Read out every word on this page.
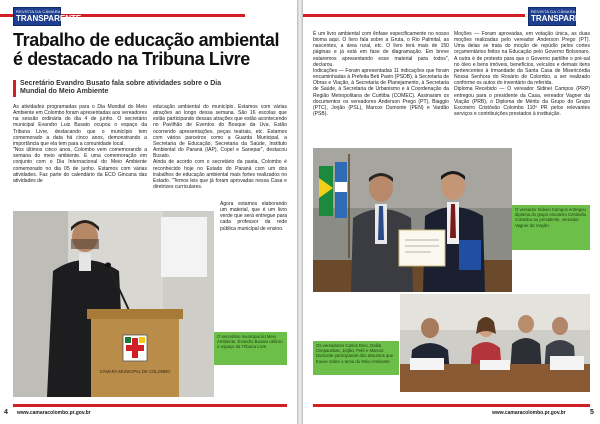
REVISTA DA CÂMARA
TRANSPARENTE
Trabalho de educação ambiental é destacado na Tribuna Livre
Secretário Evandro Busato fala sobre atividades sobre o Dia Mundial do Meio Ambiente

As atividades programadas para o Dia Mundial do Meio Ambiente em Colombo foram apresentadas aos vereadores na sessão ordinária do dia 4 de junho. O secretário municipal Evandro Luiz Busato ocupou o espaço da Tribuna Livre, destacando que o município tem comemorado a data há cinco anos, demonstrando a importância que ela tem para a comunidade local.

"Nos últimos cinco anos, Colombo vem comemorando a semana do meio ambiente. E uma comemoração em conjunto com o Dia Internacional do Meio Ambiente comemorado no dia 05 de junho. Estamos com várias atividades. Faz parte do calendário da ECO Gincana das atividades de

educação ambiental do município. Estamos com várias atrações ao longo dessa semana. São 16 escolas que estão participando dessas atrações que estão acontecendo no Pavilhão de Eventos do Bosque da Uva. Estão ocorrendo apresentações, peças teatrais, etc. Estamos com vários parceiros como a Guarda Municipal, a Secretaria de Educação, Secretaria da Saúde, Instituto Ambiental do Paraná (IAP), Copel e Sanepar", destacou Busato.

Ainda de acordo com o secretário da pasta, Colombo é reconhecido hoje no Estado do Paraná com um dos trabalhos de educação ambiental mais fortes realizados no Estado. "Temos leis que já foram aprovadas nessa Casa e diretrizes curriculares.

Agora estamos elaborando um material, que é um livro verde que será entregue para cada professor da rede pública municipal de ensino.

CÂMARA MUNICIPAL DE COLOMBO
O secretário municipal do Meio Ambiente, Evandro Busato utilizou o espaço da Tribuna Livre
4 www.camaracolombo.pr.gov.br
REVISTA DA CÂMARA
TRANSPARENTE

É um livro ambiental com ênfase especificamente no nosso bioma aqui. O livro fala sobre a Gruta, o Rio Palmital, as nascentes, a área rural, etc. O livro terá mais de 150 páginas e já está em fase de diagramação. Em breve estaremos apresentando esse material para todos", declarou.

Indicações — Foram apresentadas 11 indicações que foram encaminhadas à Prefeita Beti Pavin (PSDB), à Secretaria de Obras e Viação, à Secretaria de Planejamento, à Secretaria de Saúde, à Secretaria de Urbanismo e à Coordenação da Região Metropolitana de Curitiba (COMEC). Assinaram os documentos os vereadores Anderson Prego (PT), Biaggio (PTC), Jorjão (PSL), Marcos Dumonte (PEN) e Vardão (PSB).

Moções — Foram aprovadas, em votação única, as duas moções realizadas pelo vereador Anderson Prego (PT). Uma delas se trata do moção de repúdio pelos cortes orçamentários feitos na Educação pelo Governo Bolsonaro. A outra é de protesto para que o Governo partilhe o pré-sal no óleo e bens imóveis, benefícios, veículos e demais itens pertencentes à Irmandade da Santa Casa de Misericórdia Nossa Senhora do Rosário de Colombo, a ser realizado conforme os autos do inventário da referida.

Diploma Recebido — O vereador Sidinei Campos (PRP) entregou para o presidente da Casa, vereador Vagner da Viação (PRB), o Diploma de Mérito da Grupo do Grupo Escoteiro Cristóvão Colombo 110º PR pelos relevantes serviços e contribuições prestados à instituição.

O vereador Sidinei Campos entregou diploma do grupo escoteiro Cristóvão Colombo ao presidente, vereador Vagner da Viação
Os vereadores Carlos Dino, Dalila Cimpauskas, Jorjão, Pelé e Marcos Dumonte participaram dos assuntos que trouxe sobre o tema do Meio Ambiente
www.camaracolombo.pr.gov.br	5
